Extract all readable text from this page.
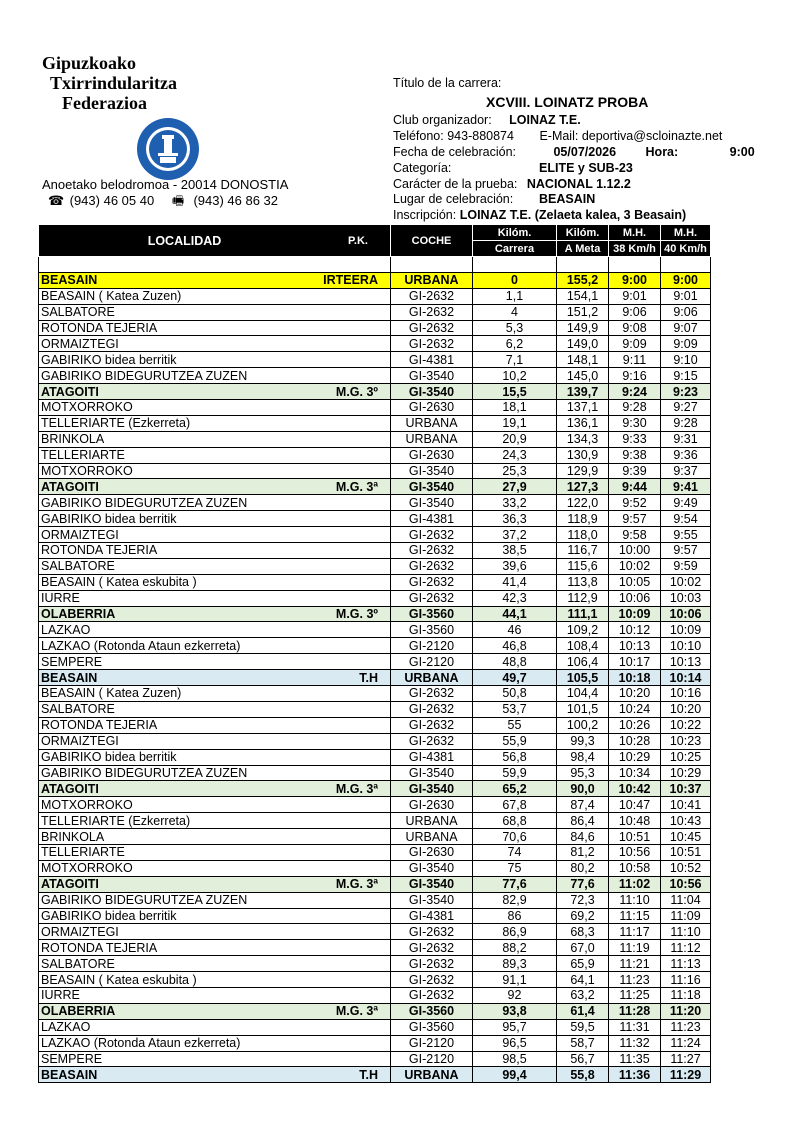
Gipuzkoako
Txirrindularitza
Federazioa
Anoetako belodromoa - 20014 DONOSTIA
☎ (943) 46 05 40 🖷 (943) 46 86 32
Título de la carrera:
XCVIII. LOINATZ PROBA
Club organizador: LOINAZ T.E.
Teléfono: 943-880874 E-Mail: deportiva@scloinazte.net
Fecha de celebración:	05/07/2026 Hora:	9:00
Categoría:	ELITE y SUB-23
Carácter de la prueba: NACIONAL 1.12.2
Lugar de celebración: BEASAIN
Inscripción: LOINAZ T.E. (Zelaeta kalea, 3 Beasain)
LOCALIDAD P.K.	COCHE	Kilóm.	Kilóm.	M.H.	M.H.
		Carrera	A Meta	38 Km/h	40 Km/h

BEASAIN IRTEERA	URBANA	0	155,2	9:00	9:00

BEASAIN ( Katea Zuzen)	GI-2632	1,1	154,1	9:01	9:01

SALBATORE	GI-2632	4	151,2	9:06	9:06

ROTONDA TEJERIA	GI-2632	5,3	149,9	9:08	9:07

ORMAIZTEGI	GI-2632	6,2	149,0	9:09	9:09

GABIRIKO bidea berritik	GI-4381	7,1	148,1	9:11	9:10

GABIRIKO BIDEGURUTZEA ZUZEN	GI-3540	10,2	145,0	9:16	9:15

ATAGOITI M.G. 3º	GI-3540	15,5	139,7	9:24	9:23

MOTXORROKO	GI-2630	18,1	137,1	9:28	9:27

TELLERIARTE (Ezkerreta)	URBANA	19,1	136,1	9:30	9:28

BRINKOLA	URBANA	20,9	134,3	9:33	9:31

TELLERIARTE	GI-2630	24,3	130,9	9:38	9:36

MOTXORROKO	GI-3540	25,3	129,9	9:39	9:37

ATAGOITI M.G. 3ª	GI-3540	27,9	127,3	9:44	9:41

GABIRIKO BIDEGURUTZEA ZUZEN	GI-3540	33,2	122,0	9:52	9:49

GABIRIKO bidea berritik	GI-4381	36,3	118,9	9:57	9:54

ORMAIZTEGI	GI-2632	37,2	118,0	9:58	9:55

ROTONDA TEJERIA	GI-2632	38,5	116,7	10:00	9:57

SALBATORE	GI-2632	39,6	115,6	10:02	9:59

BEASAIN ( Katea eskubita )	GI-2632	41,4	113,8	10:05	10:02

IURRE	GI-2632	42,3	112,9	10:06	10:03

OLABERRIA M.G. 3º	GI-3560	44,1	111,1	10:09	10:06

LAZKAO	GI-3560	46	109,2	10:12	10:09

LAZKAO (Rotonda Ataun ezkerreta)	GI-2120	46,8	108,4	10:13	10:10

SEMPERE	GI-2120	48,8	106,4	10:17	10:13

BEASAIN T.H	URBANA	49,7	105,5	10:18	10:14

BEASAIN ( Katea Zuzen)	GI-2632	50,8	104,4	10:20	10:16

SALBATORE	GI-2632	53,7	101,5	10:24	10:20

ROTONDA TEJERIA	GI-2632	55	100,2	10:26	10:22

ORMAIZTEGI	GI-2632	55,9	99,3	10:28	10:23

GABIRIKO bidea berritik	GI-4381	56,8	98,4	10:29	10:25

GABIRIKO BIDEGURUTZEA ZUZEN	GI-3540	59,9	95,3	10:34	10:29

ATAGOITI M.G. 3ª	GI-3540	65,2	90,0	10:42	10:37

MOTXORROKO	GI-2630	67,8	87,4	10:47	10:41

TELLERIARTE (Ezkerreta)	URBANA	68,8	86,4	10:48	10:43

BRINKOLA	URBANA	70,6	84,6	10:51	10:45

TELLERIARTE	GI-2630	74	81,2	10:56	10:51

MOTXORROKO	GI-3540	75	80,2	10:58	10:52

ATAGOITI M.G. 3ª	GI-3540	77,6	77,6	11:02	10:56

GABIRIKO BIDEGURUTZEA ZUZEN	GI-3540	82,9	72,3	11:10	11:04

GABIRIKO bidea berritik	GI-4381	86	69,2	11:15	11:09

ORMAIZTEGI	GI-2632	86,9	68,3	11:17	11:10

ROTONDA TEJERIA	GI-2632	88,2	67,0	11:19	11:12

SALBATORE	GI-2632	89,3	65,9	11:21	11:13

BEASAIN ( Katea eskubita )	GI-2632	91,1	64,1	11:23	11:16

IURRE	GI-2632	92	63,2	11:25	11:18

OLABERRIA M.G. 3ª	GI-3560	93,8	61,4	11:28	11:20

LAZKAO	GI-3560	95,7	59,5	11:31	11:23

LAZKAO (Rotonda Ataun ezkerreta)	GI-2120	96,5	58,7	11:32	11:24

SEMPERE	GI-2120	98,5	56,7	11:35	11:27

BEASAIN T.H	URBANA	99,4	55,8	11:36	11:29
